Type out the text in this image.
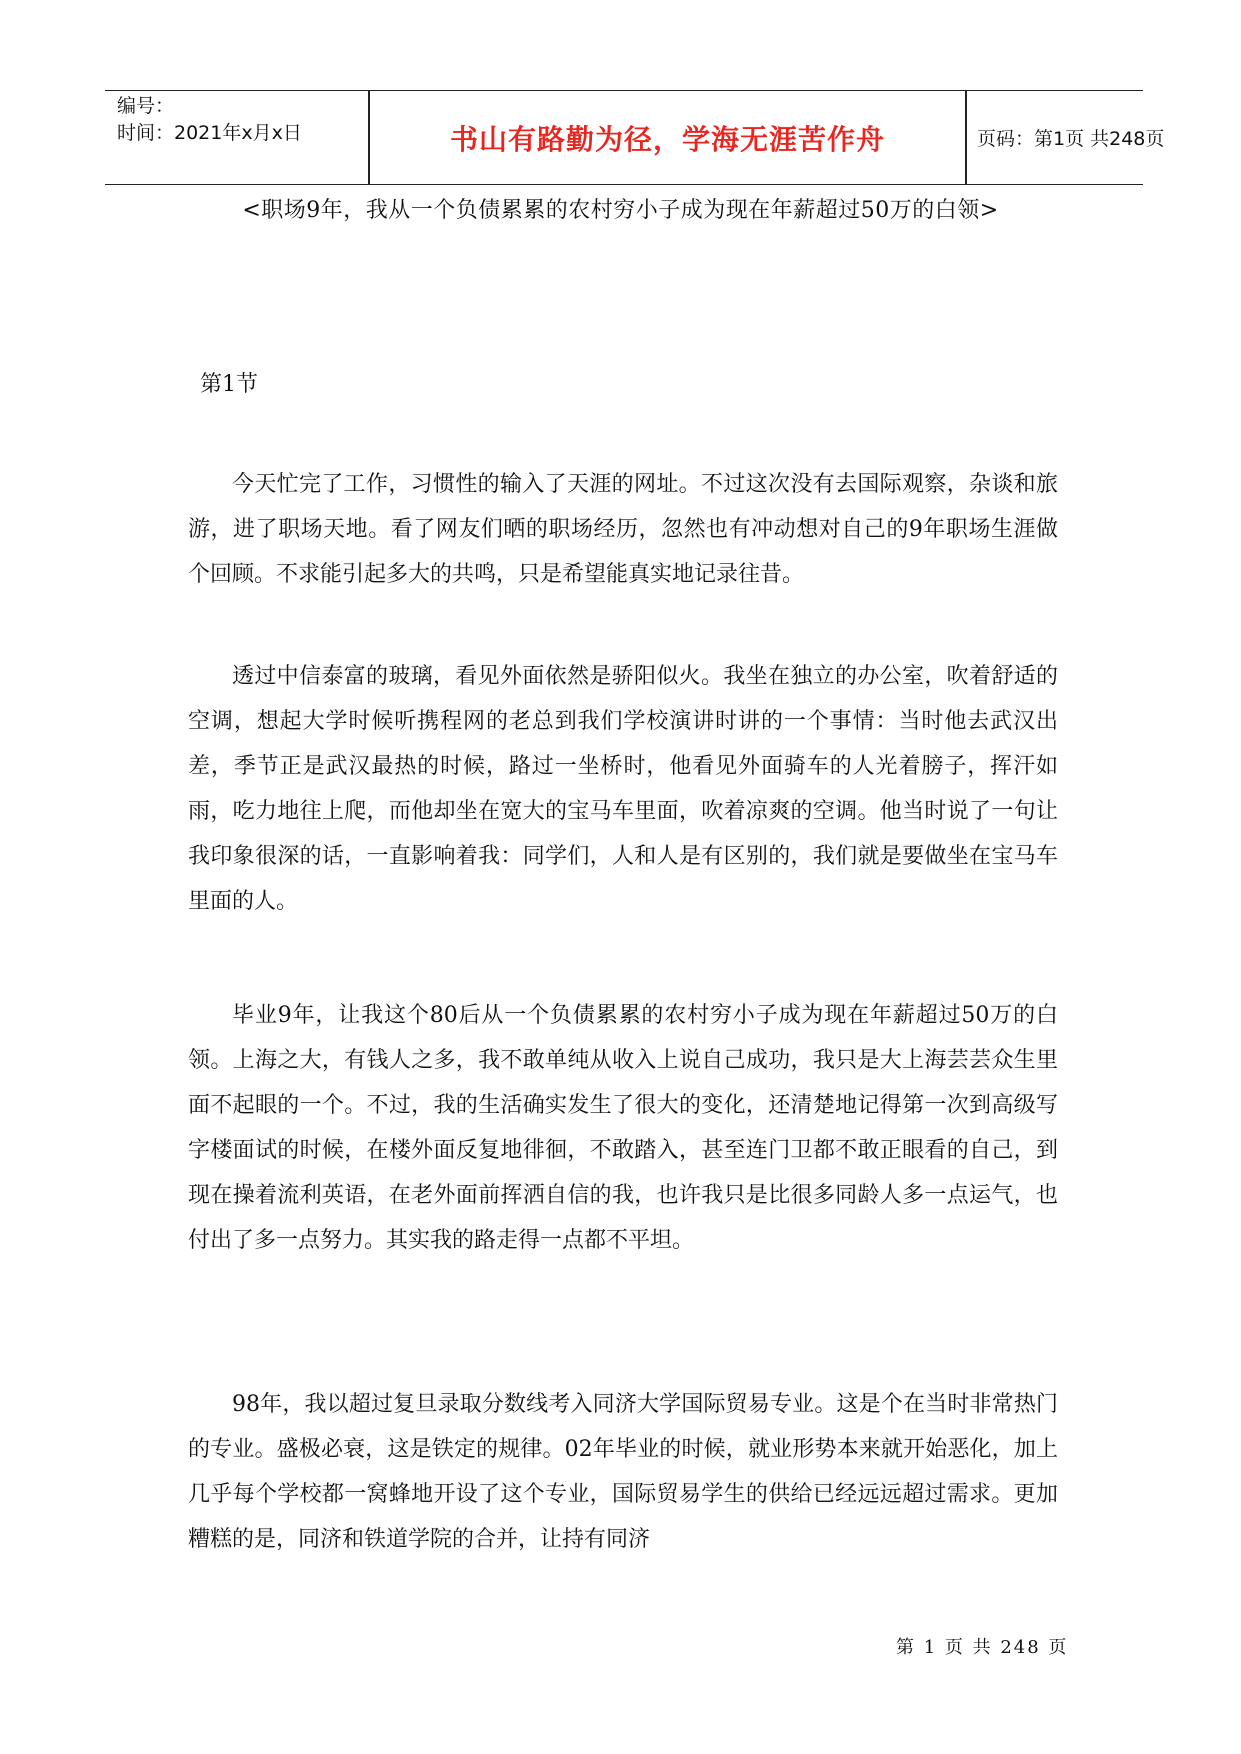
编号：
时间：2021年x月x日	书山有路勤为径，学海无涯苦作舟	页码：第1页 共248页
<职场9年，我从一个负债累累的农村穷小子成为现在年薪超过50万的白领>
第1节

今天忙完了工作，习惯性的输入了天涯的网址。不过这次没有去国际观察，杂谈和旅游，进了职场天地。看了网友们晒的职场经历，忽然也有冲动想对自己的9年职场生涯做个回顾。不求能引起多大的共鸣，只是希望能真实地记录往昔。

透过中信泰富的玻璃，看见外面依然是骄阳似火。我坐在独立的办公室，吹着舒适的空调，想起大学时候听携程网的老总到我们学校演讲时讲的一个事情：当时他去武汉出差，季节正是武汉最热的时候，路过一坐桥时，他看见外面骑车的人光着膀子，挥汗如雨，吃力地往上爬，而他却坐在宽大的宝马车里面，吹着凉爽的空调。他当时说了一句让我印象很深的话，一直影响着我：同学们，人和人是有区别的，我们就是要做坐在宝马车里面的人。

毕业9年，让我这个80后从一个负债累累的农村穷小子成为现在年薪超过50万的白领。上海之大，有钱人之多，我不敢单纯从收入上说自己成功，我只是大上海芸芸众生里面不起眼的一个。不过，我的生活确实发生了很大的变化，还清楚地记得第一次到高级写字楼面试的时候，在楼外面反复地徘徊，不敢踏入，甚至连门卫都不敢正眼看的自己，到现在操着流利英语，在老外面前挥洒自信的我，也许我只是比很多同龄人多一点运气，也付出了多一点努力。其实我的路走得一点都不平坦。

98年，我以超过复旦录取分数线考入同济大学国际贸易专业。这是个在当时非常热门的专业。盛极必衰，这是铁定的规律。02年毕业的时候，就业形势本来就开始恶化，加上几乎每个学校都一窝蜂地开设了这个专业，国际贸易学生的供给已经远远超过需求。更加糟糕的是，同济和铁道学院的合并，让持有同济

第 1 页 共 248 页
